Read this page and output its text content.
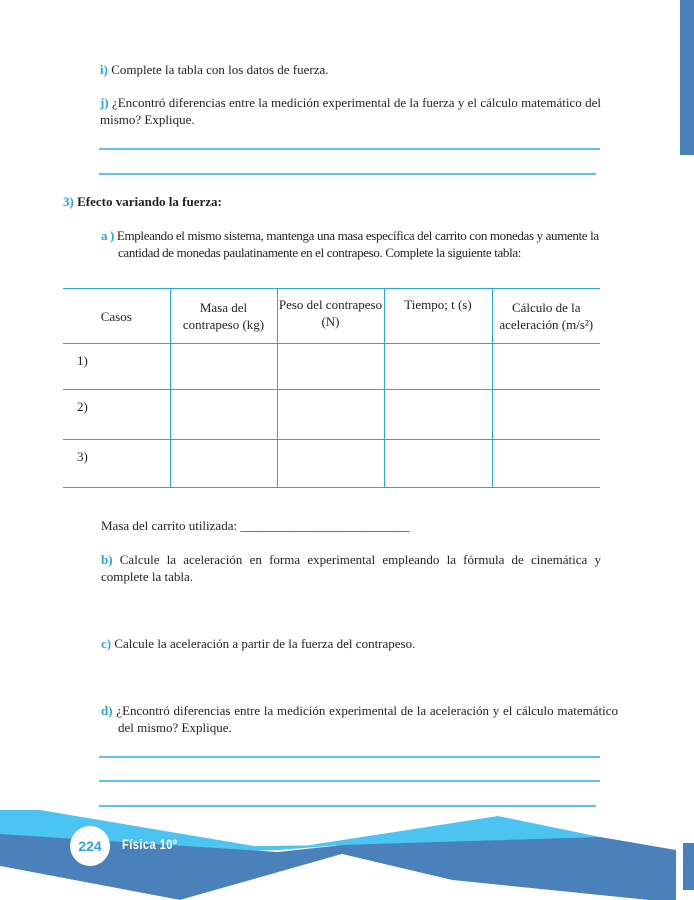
i) Complete la tabla con los datos de fuerza.
j) ¿Encontró diferencias entre la medición experimental de la fuerza y el cálculo matemático del mismo? Explique.
3) Efecto variando la fuerza:
a ) Empleando el mismo sistema, mantenga una masa específica del carrito con monedas y aumente la cantidad de monedas paulatinamente en el contrapeso. Complete la siguiente tabla:
Casos	Masa del contrapeso (kg)	Peso del contrapeso (N)	Tiempo; t (s)	Cálculo de la aceleración (m/s²)
1)				
2)				
3)				
Masa del carrito utilizada: __________________________
b) Calcule la aceleración en forma experimental empleando la fórmula de cinemática y complete la tabla.
c) Calcule la aceleración a partir de la fuerza del contrapeso.
d) ¿Encontró diferencias entre la medición experimental de la aceleración y el cálculo matemático del mismo? Explique.
224 Física 10º
